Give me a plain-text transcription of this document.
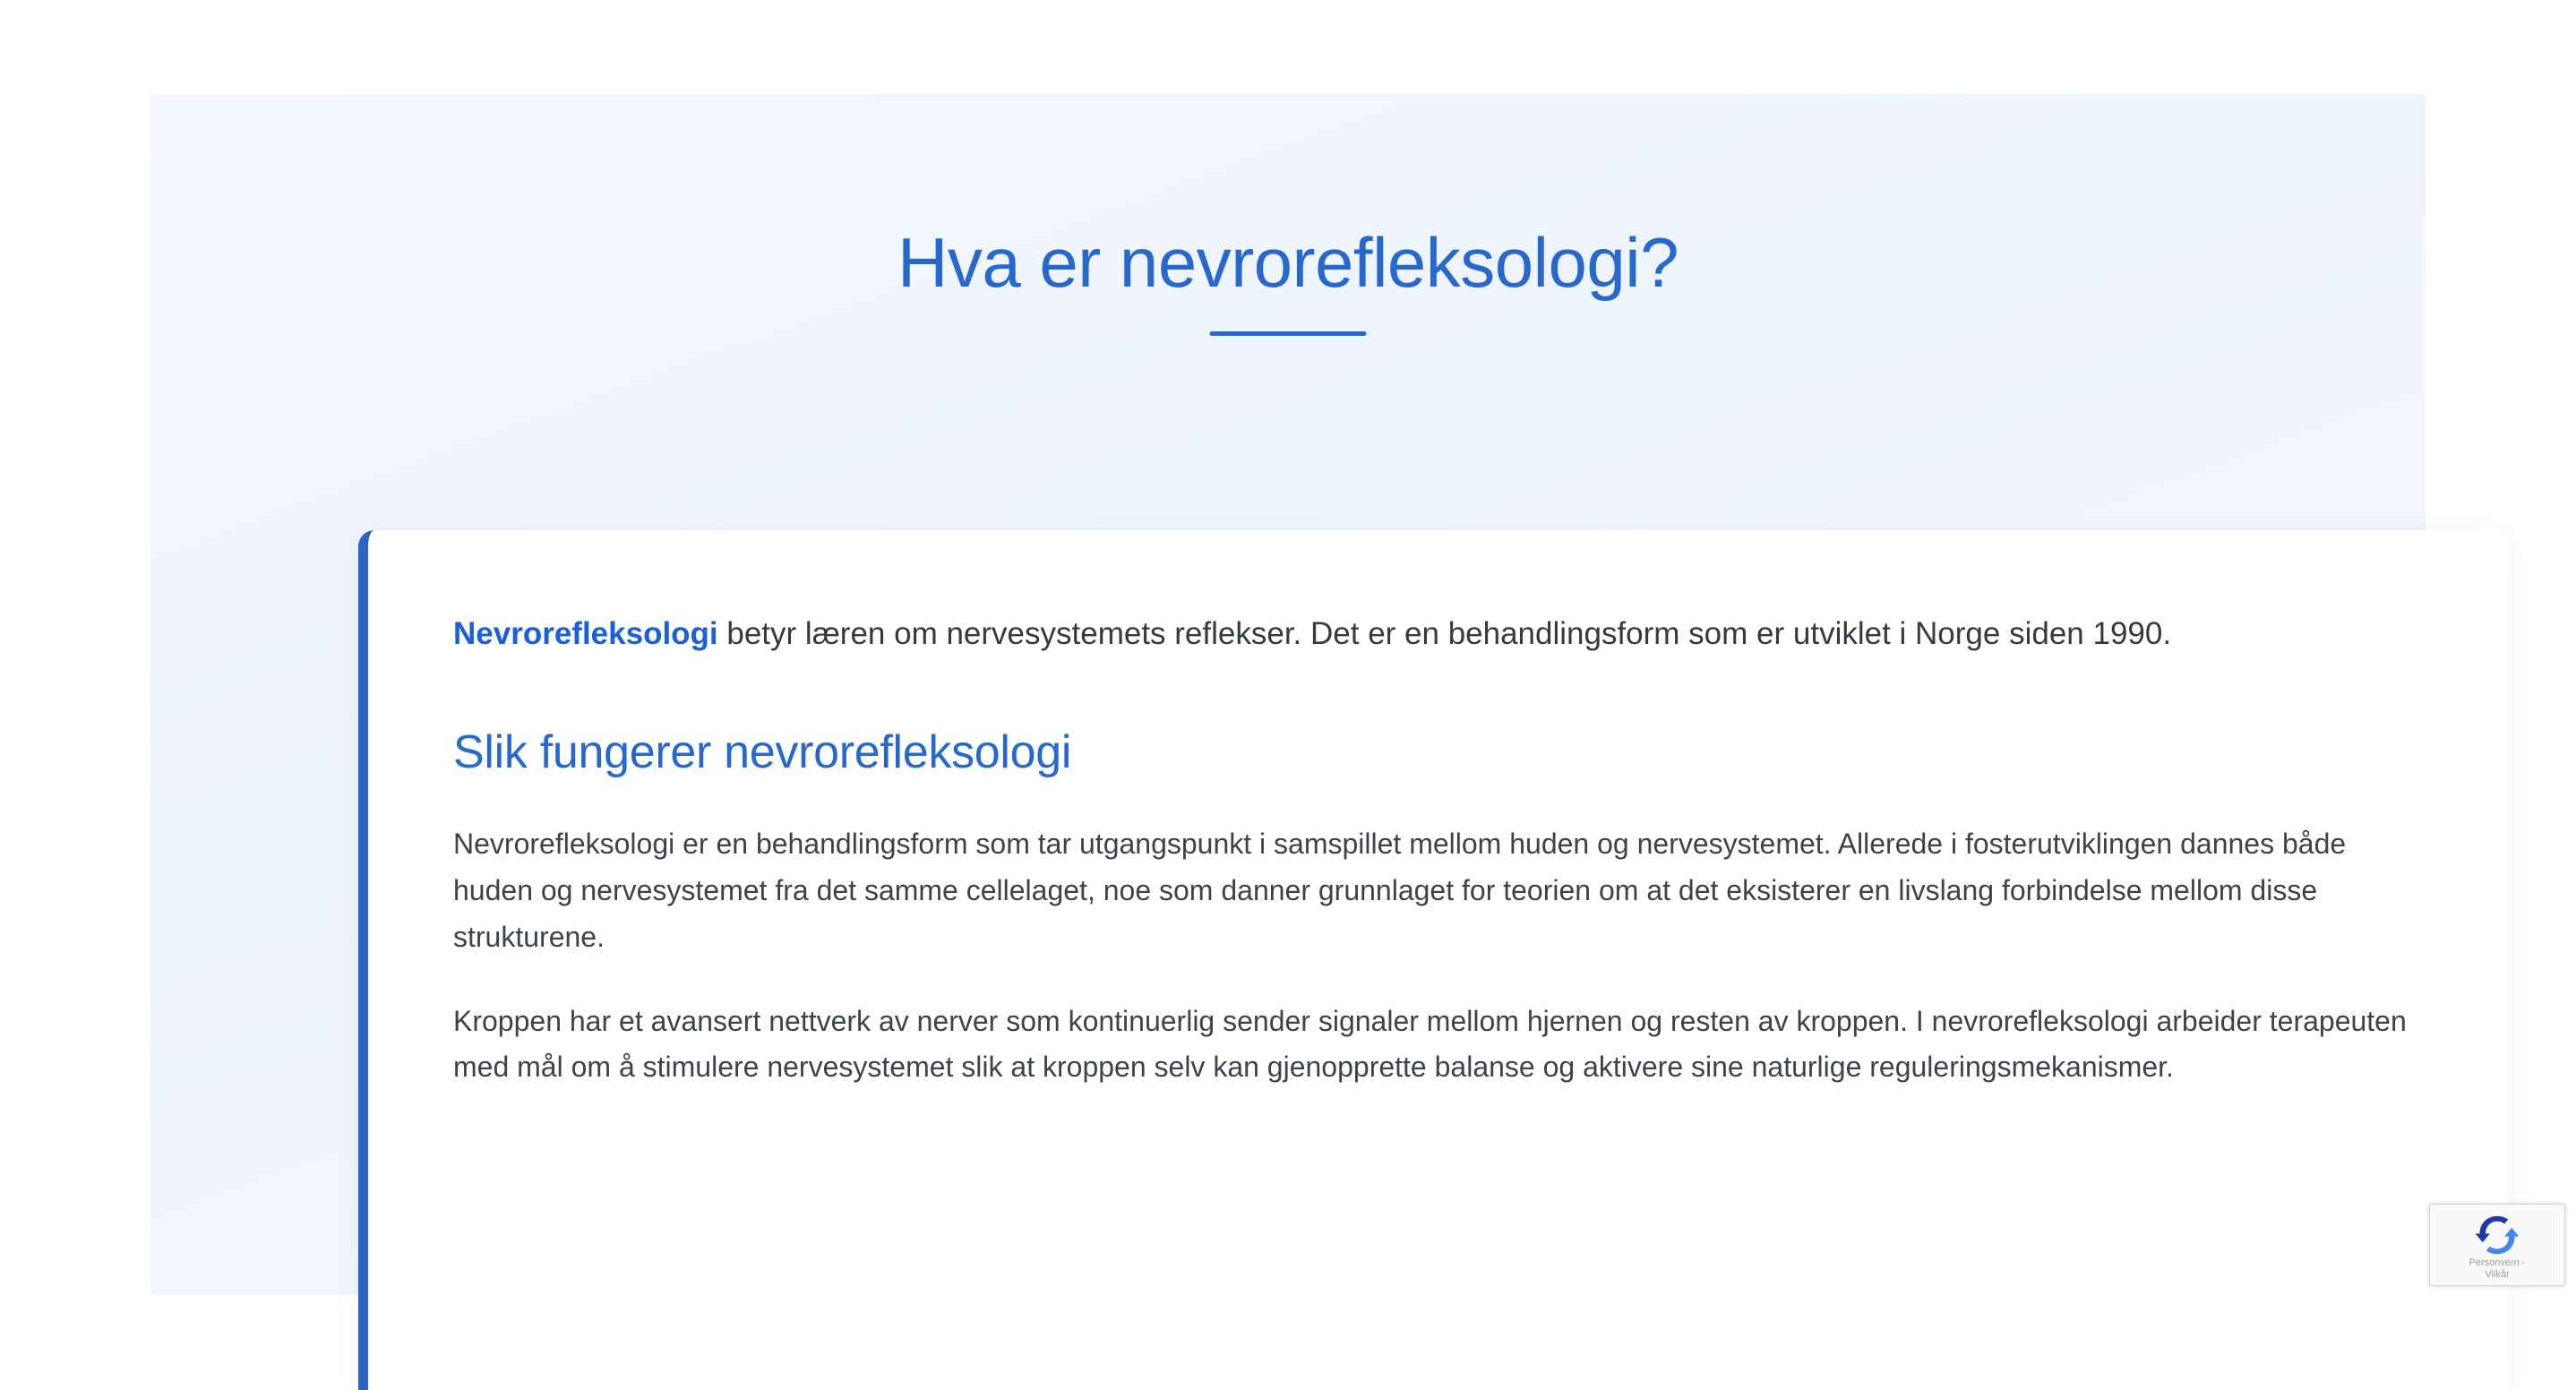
Hva er nevrorefleksologi?

Nevrorefleksologi betyr læren om nervesystemets reflekser. Det er en behandlingsform som er utviklet i Norge siden 1990.

Slik fungerer nevrorefleksologi

Nevrorefleksologi er en behandlingsform som tar utgangspunkt i samspillet mellom huden og nervesystemet. Allerede i fosterutviklingen dannes både huden og nervesystemet fra det samme cellelaget, noe som danner grunnlaget for teorien om at det eksisterer en livslang forbindelse mellom disse strukturene.

Kroppen har et avansert nettverk av nerver som kontinuerlig sender signaler mellom hjernen og resten av kroppen. I nevrorefleksologi arbeider terapeuten med mål om å stimulere nervesystemet slik at kroppen selv kan gjenopprette balanse og aktivere sine naturlige reguleringsmekanismer.

Personvern -
Vilkår
